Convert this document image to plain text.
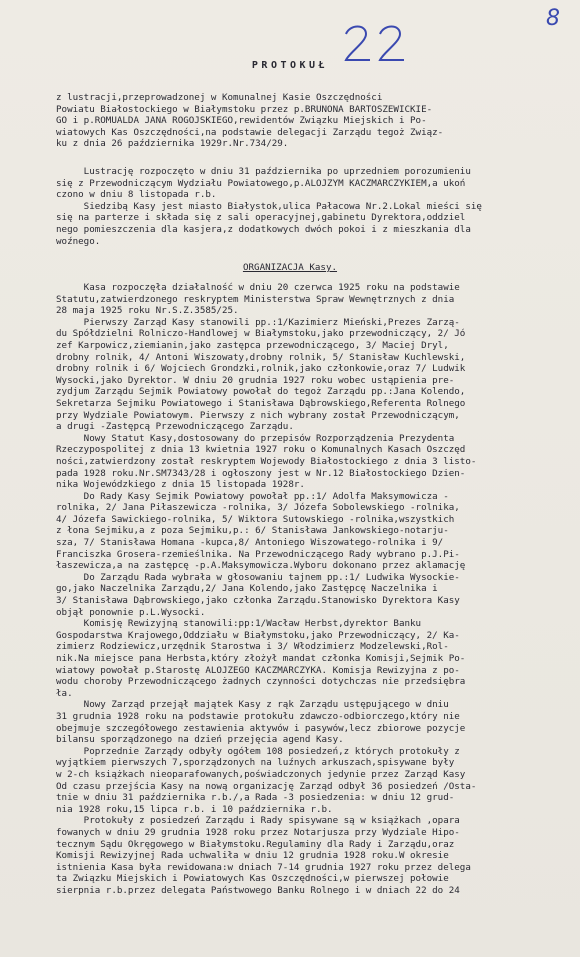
8
PROTOKUŁ
z lustracji,przeprowadzonej w Komunalnej Kasie Oszczędności
Powiatu Białostockiego w Białymstoku przez p.BRUNONA BARTOSZEWICKIE-
GO i p.ROMUALDA JANA ROGOJSKIEGO,rewidentów Związku Miejskich i Po-
wiatowych Kas Oszczędności,na podstawie delegacji Zarządu tegoż Związ-
ku z dnia 26 października 1929r.Nr.734/29.
Lustrację rozpoczęto w dniu 31 października po uprzedniem porozumieniu
się z Przewodniczącym Wydziału Powiatowego,p.ALOJZYM KACZMARCZYKIEM,a ukoń
czono w dniu 8 listopada r.b.
Siedzibą Kasy jest miasto Białystok,ulica Pałacowa Nr.2.Lokal mieści się
się na parterze i składa się z sali operacyjnej,gabinetu Dyrektora,oddziel
nego pomieszczenia dla kasjera,z dodatkowych dwóch pokoi i z mieszkania dla
woźnego.
ORGANIZACJA Kasy.
Kasa rozpoczęła działalność w dniu 20 czerwca 1925 roku na podstawie
Statutu,zatwierdzonego reskryptem Ministerstwa Spraw Wewnętrznych z dnia
28 maja 1925 roku Nr.S.Z.3585/25.
Pierwszy Zarząd Kasy stanowili pp.:1/Kazimierz Mieński,Prezes Zarzą-
du Spółdzielni Rolniczo-Handlowej w Białymstoku,jako przewodniczący, 2/ Jó
zef Karpowicz,ziemianin,jako zastępca przewodniczącego, 3/ Maciej Dryl,
drobny rolnik, 4/ Antoni Wiszowaty,drobny rolnik, 5/ Stanisław Kuchlewski,
drobny rolnik i 6/ Wojciech Grondzki,rolnik,jako członkowie,oraz 7/ Ludwik
Wysocki,jako Dyrektor. W dniu 20 grudnia 1927 roku wobec ustąpienia pre-
zydjum Zarządu Sejmik Powiatowy powołał do tegoż Zarządu pp.:Jana Kolendo,
Sekretarza Sejmiku Powiatowego i Stanisława Dąbrowskiego,Referenta Rolnego
przy Wydziale Powiatowym. Pierwszy z nich wybrany został Przewodniczącym,
a drugi -Zastępcą Przewodniczącego Zarządu.
Nowy Statut Kasy,dostosowany do przepisów Rozporządzenia Prezydenta
Rzeczypospolitej z dnia 13 kwietnia 1927 roku o Komunalnych Kasach Oszczęd
ności,zatwierdzony został reskryptem Wojewody Białostockiego z dnia 3 listo-
pada 1928 roku.Nr.SM7343/28 i ogłoszony jest w Nr.12 Białostockiego Dzien-
nika Wojewódzkiego z dnia 15 listopada 1928r.
Do Rady Kasy Sejmik Powiatowy powołał pp.:1/ Adolfa Maksymowicza -
rolnika, 2/ Jana Piłaszewicza -rolnika, 3/ Józefa Sobolewskiego -rolnika,
4/ Józefa Sawickiego-rolnika, 5/ Wiktora Sutowskiego -rolnika,wszystkich
z łona Sejmiku,a z poza Sejmiku,p.: 6/ Stanisława Jankowskiego-notarju-
sza, 7/ Stanisława Homana -kupca,8/ Antoniego Wiszowatego-rolnika i 9/
Franciszka Grosera-rzemieślnika. Na Przewodniczącego Rady wybrano p.J.Pi-
łaszewicza,a na zastępcę -p.A.Maksymowicza.Wyboru dokonano przez aklamację
Do Zarządu Rada wybrała w głosowaniu tajnem pp.:1/ Ludwika Wysockie-
go,jako Naczelnika Zarządu,2/ Jana Kolendo,jako Zastępcę Naczelnika i
3/ Stanisława Dąbrowskiego,jako członka Zarządu.Stanowisko Dyrektora Kasy
objął ponownie p.L.Wysocki.
Komisję Rewizyjną stanowili:pp:1/Wacław Herbst,dyrektor Banku
Gospodarstwa Krajowego,Oddziału w Białymstoku,jako Przewodniczący, 2/ Ka-
zimierz Rodziewicz,urzędnik Starostwa i 3/ Włodzimierz Modzelewski,Rol-
nik.Na miejsce pana Herbsta,który złożył mandat członka Komisji,Sejmik Po-
wiatowy powołał p.Starostę ALOJZEGO KACZMARCZYKA. Komisja Rewizyjna z po-
wodu choroby Przewodniczącego żadnych czynności dotychczas nie przedsiębra
ła.
Nowy Zarząd przejął majątek Kasy z rąk Zarządu ustępującego w dniu
31 grudnia 1928 roku na podstawie protokułu zdawczo-odbiorczego,który nie
obejmuje szczegółowego zestawienia aktywów i pasywów,lecz zbiorowe pozycje
bilansu sporządzonego na dzień przejęcia agend Kasy.
Poprzednie Zarządy odbyły ogółem 108 posiedzeń,z których protokuły z
wyjątkiem pierwszych 7,sporządzonych na luźnych arkuszach,spisywane były
w 2-ch książkach nieoparafowanych,poświadczonych jedynie przez Zarząd Kasy
Od czasu przejścia Kasy na nową organizację Zarząd odbył 36 posiedzeń /Osta-
tnie w dniu 31 października r.b./,a Rada -3 posiedzenia: w dniu 12 grud-
nia 1928 roku,15 lipca r.b. i 10 października r.b.
Protokuły z posiedzeń Zarządu i Rady spisywane są w książkach ,opara
fowanych w dniu 29 grudnia 1928 roku przez Notarjusza przy Wydziale Hipo-
tecznym Sądu Okręgowego w Białymstoku.Regulaminy dla Rady i Zarządu,oraz
Komisji Rewizyjnej Rada uchwaliła w dniu 12 grudnia 1928 roku.W okresie
istnienia Kasa była rewidowana:w dniach 7-14 grudnia 1927 roku przez delega
ta Związku Miejskich i Powiatowych Kas Oszczędności,w pierwszej połowie
sierpnia r.b.przez delegata Państwowego Banku Rolnego i w dniach 22 do 24
